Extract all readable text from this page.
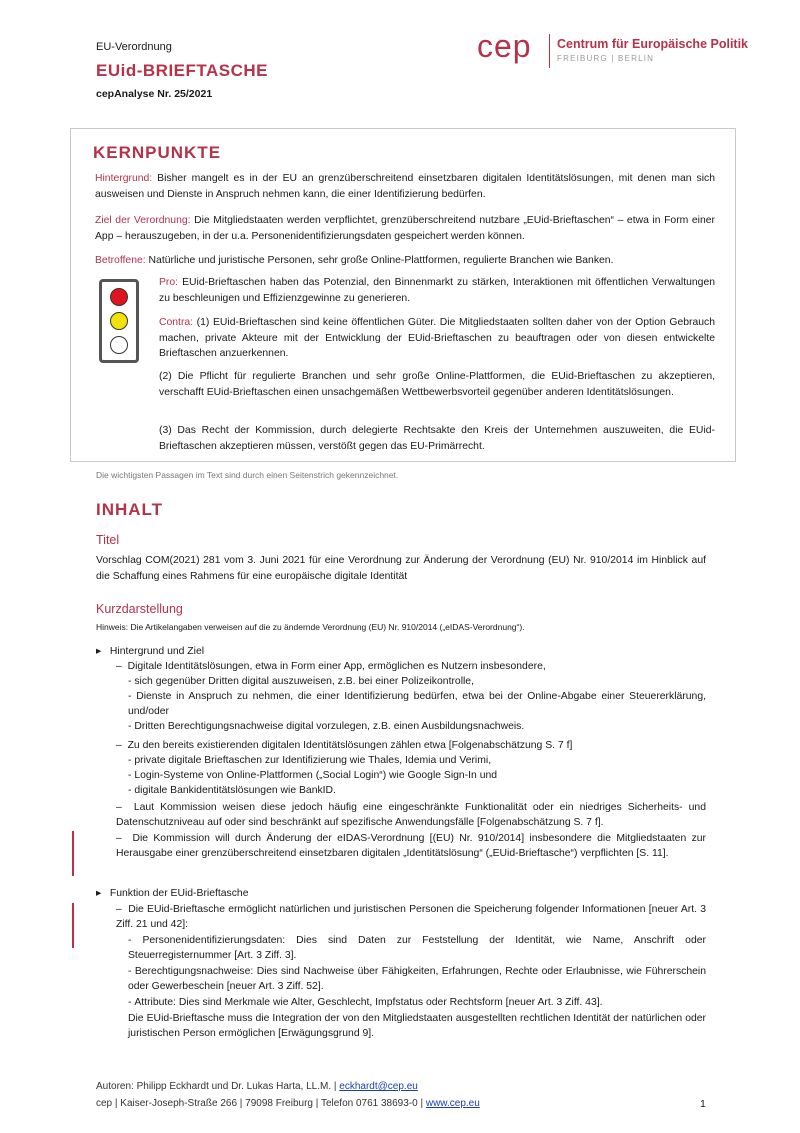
EU-Verordnung
EUid-BRIEFTASCHE
cepAnalyse Nr. 25/2021
cep Centrum für Europäische Politik
FREIBURG | BERLIN
KERNPUNKTE
Hintergrund: Bisher mangelt es in der EU an grenzüberschreitend einsetzbaren digitalen Identitätslösungen, mit denen man sich ausweisen und Dienste in Anspruch nehmen kann, die einer Identifizierung bedürfen.
Ziel der Verordnung: Die Mitgliedstaaten werden verpflichtet, grenzüberschreitend nutzbare „EUid-Brieftaschen“ – etwa in Form einer App – herauszugeben, in der u.a. Personenidentifizierungsdaten gespeichert werden können.
Betroffene: Natürliche und juristische Personen, sehr große Online-Plattformen, regulierte Branchen wie Banken.
Pro: EUid-Brieftaschen haben das Potenzial, den Binnenmarkt zu stärken, Interaktionen mit öffentlichen Verwaltungen zu beschleunigen und Effizienzgewinne zu generieren.
Contra: (1) EUid-Brieftaschen sind keine öffentlichen Güter. Die Mitgliedstaaten sollten daher von der Option Gebrauch machen, private Akteure mit der Entwicklung der EUid-Brieftaschen zu beauftragen oder von diesen entwickelte Brieftaschen anzuerkennen.
(2) Die Pflicht für regulierte Branchen und sehr große Online-Plattformen, die EUid-Brieftaschen zu akzeptieren, verschafft EUid-Brieftaschen einen unsachgemäßen Wettbewerbsvorteil gegenüber anderen Identitätslösungen.
(3) Das Recht der Kommission, durch delegierte Rechtsakte den Kreis der Unternehmen auszuweiten, die EUid-Brieftaschen akzeptieren müssen, verstößt gegen das EU-Primärrecht.
Die wichtigsten Passagen im Text sind durch einen Seitenstrich gekennzeichnet.
INHALT
Titel
Vorschlag COM(2021) 281 vom 3. Juni 2021 für eine Verordnung zur Änderung der Verordnung (EU) Nr. 910/2014 im Hinblick auf die Schaffung eines Rahmens für eine europäische digitale Identität
Kurzdarstellung
Hinweis: Die Artikelangaben verweisen auf die zu ändernde Verordnung (EU) Nr. 910/2014 („eIDAS-Verordnung“).
▸   Hintergrund und Ziel
–  Digitale Identitätslösungen, etwa in Form einer App, ermöglichen es Nutzern insbesondere,
- sich gegenüber Dritten digital auszuweisen, z.B. bei einer Polizeikontrolle,
- Dienste in Anspruch zu nehmen, die einer Identifizierung bedürfen, etwa bei der Online-Abgabe einer Steuererklärung, und/oder
- Dritten Berechtigungsnachweise digital vorzulegen, z.B. einen Ausbildungsnachweis.
–  Zu den bereits existierenden digitalen Identitätslösungen zählen etwa [Folgenabschätzung S. 7 f]
- private digitale Brieftaschen zur Identifizierung wie Thales, Idemia und Verimi,
- Login-Systeme von Online-Plattformen („Social Login“) wie Google Sign-In und
- digitale Bankidentitätslösungen wie BankID.
–  Laut Kommission weisen diese jedoch häufig eine eingeschränkte Funktionalität oder ein niedriges Sicherheits- und Datenschutzniveau auf oder sind beschränkt auf spezifische Anwendungsfälle [Folgenabschätzung S. 7 f].
–  Die Kommission will durch Änderung der eIDAS-Verordnung [(EU) Nr. 910/2014] insbesondere die Mitgliedstaaten zur Herausgabe einer grenzüberschreitend einsetzbaren digitalen „Identitätslösung“ („EUid-Brieftasche“) verpflichten [S. 11].
▸   Funktion der EUid-Brieftasche
–  Die EUid-Brieftasche ermöglicht natürlichen und juristischen Personen die Speicherung folgender Informationen [neuer Art. 3 Ziff. 21 und 42]:
- Personenidentifizierungsdaten: Dies sind Daten zur Feststellung der Identität, wie Name, Anschrift oder Steuerregisternummer [Art. 3 Ziff. 3].
- Berechtigungsnachweise: Dies sind Nachweise über Fähigkeiten, Erfahrungen, Rechte oder Erlaubnisse, wie Führerschein oder Gewerbeschein [neuer Art. 3 Ziff. 52].
- Attribute: Dies sind Merkmale wie Alter, Geschlecht, Impfstatus oder Rechtsform [neuer Art. 3 Ziff. 43].
Die EUid-Brieftasche muss die Integration der von den Mitgliedstaaten ausgestellten rechtlichen Identität der natürlichen oder juristischen Person ermöglichen [Erwägungsgrund 9].
Autoren: Philipp Eckhardt und Dr. Lukas Harta, LL.M. | eckhardt@cep.eu
cep | Kaiser-Joseph-Straße 266 | 79098 Freiburg | Telefon 0761 38693-0 | www.cep.eu	1
